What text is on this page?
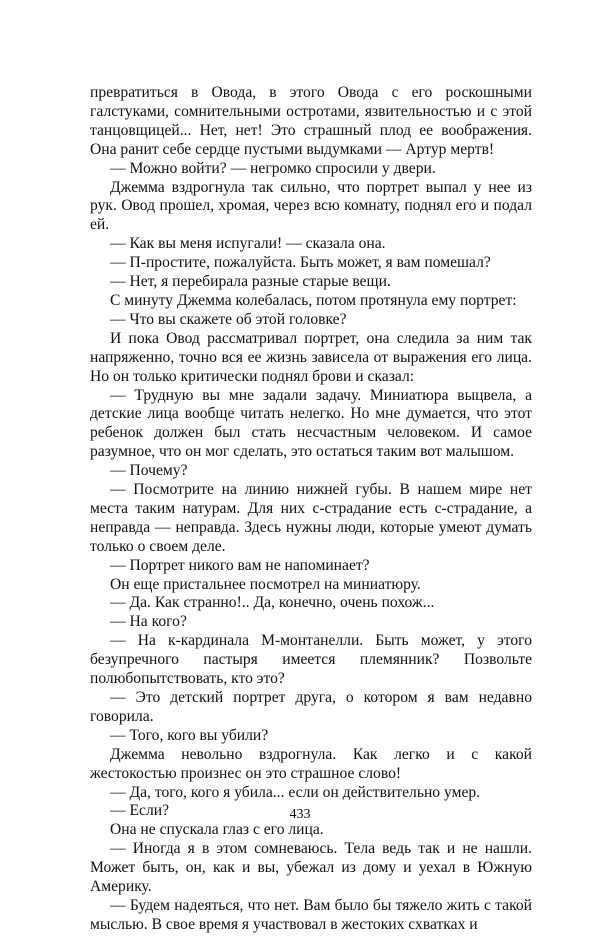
превратиться в Овода, в этого Овода с его роскошными галстуками, сомнительными остротами, язвительностью и с этой танцовщицей... Нет, нет! Это страшный плод ее воображения. Она ранит себе сердце пустыми выдумками — Артур мертв!

— Можно войти? — негромко спросили у двери.

Джемма вздрогнула так сильно, что портрет выпал у нее из рук. Овод прошел, хромая, через всю комнату, поднял его и подал ей.

— Как вы меня испугали! — сказала она.

— П-простите, пожалуйста. Быть может, я вам помешал?

— Нет, я перебирала разные старые вещи.

С минуту Джемма колебалась, потом протянула ему портрет:

— Что вы скажете об этой головке?

И пока Овод рассматривал портрет, она следила за ним так напряженно, точно вся ее жизнь зависела от выражения его лица. Но он только критически поднял брови и сказал:

— Трудную вы мне задали задачу. Миниатюра выцвела, а детские лица вообще читать нелегко. Но мне думается, что этот ребенок должен был стать несчастным человеком. И самое разумное, что он мог сделать, это остаться таким вот малышом.

— Почему?

— Посмотрите на линию нижней губы. В нашем мире нет места таким натурам. Для них с-страдание есть с-страдание, а неправда — неправда. Здесь нужны люди, которые умеют думать только о своем деле.

— Портрет никого вам не напоминает?

Он еще пристальнее посмотрел на миниатюру.

— Да. Как странно!.. Да, конечно, очень похож...

— На кого?

— На к-кардинала М-монтанелли. Быть может, у этого безупречного пастыря имеется племянник? Позвольте полюбопытствовать, кто это?

— Это детский портрет друга, о котором я вам недавно говорила.

— Того, кого вы убили?

Джемма невольно вздрогнула. Как легко и с какой жестокостью произнес он это страшное слово!

— Да, того, кого я убила... если он действительно умер.

— Если?

Она не спускала глаз с его лица.

— Иногда я в этом сомневаюсь. Тела ведь так и не нашли. Может быть, он, как и вы, убежал из дому и уехал в Южную Америку.

— Будем надеяться, что нет. Вам было бы тяжело жить с такой мыслью. В свое время я участвовал в жестоких схватках и

433
